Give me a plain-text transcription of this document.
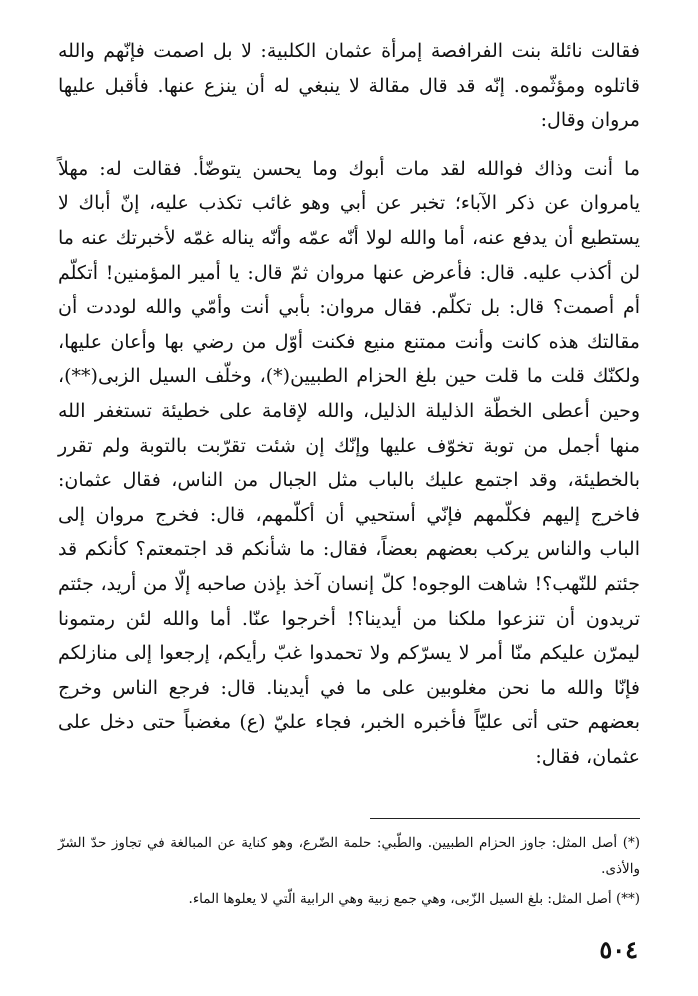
فقالت نائلة بنت الفرافصة إمرأة عثمان الكلبية: لا بل اصمت فإنّهم والله قاتلوه ومؤثّموه. إنّه قد قال مقالة لا ينبغي له أن ينزع عنها. فأقبل عليها مروان وقال:

ما أنت وذاك فوالله لقد مات أبوك وما يحسن يتوضّأ. فقالت له: مهلاً يامروان عن ذكر الآباء؛ تخبر عن أبي وهو غائب تكذب عليه، إنّ أباك لا يستطيع أن يدفع عنه، أما والله لولا أنّه عمّه وأنّه يناله غمّه لأخبرتك عنه ما لن أكذب عليه. قال: فأعرض عنها مروان ثمّ قال: يا أمير المؤمنين! أتكلّم أم أصمت؟ قال: بل تكلّم. فقال مروان: بأبي أنت وأمّي والله لوددت أن مقالتك هذه كانت وأنت ممتنع منيع فكنت أوّل من رضي بها وأعان عليها، ولكنّك قلت ما قلت حين بلغ الحزام الطبيين(*)، وخلّف السيل الزبى(**)، وحين أعطى الخطّة الذليلة الذليل، والله لإقامة على خطيئة تستغفر الله منها أجمل من توبة تخوّف عليها وإنّك إن شئت تقرّبت بالتوبة ولم تقرر بالخطيئة، وقد اجتمع عليك بالباب مثل الجبال من الناس، فقال عثمان: فاخرج إليهم فكلّمهم فإنّي أستحيي أن أكلّمهم، قال: فخرج مروان إلى الباب والناس يركب بعضهم بعضاً، فقال: ما شأنكم قد اجتمعتم؟ كأنكم قد جئتم للنّهب؟! شاهت الوجوه! كلّ إنسان آخذ بإذن صاحبه إلّا من أريد، جئتم تريدون أن تنزعوا ملكنا من أيدينا؟! أخرجوا عنّا. أما والله لئن رمتمونا ليمرّن عليكم منّا أمر لا يسرّكم ولا تحمدوا غبّ رأيكم، إرجعوا إلى منازلكم فإنّا والله ما نحن مغلوبين على ما في أيدينا. قال: فرجع الناس وخرج بعضهم حتى أتى عليّاً فأخبره الخبر، فجاء عليّ (ع) مغضباً حتى دخل على عثمان، فقال:

(*) أصل المثل: جاوز الحزام الطبيين. والطّبي: حلمة الضّرع، وهو كناية عن المبالغة في تجاوز حدّ الشرّ والأذى.

(**) أصل المثل: بلغ السيل الزّبى، وهي جمع زبية وهي الرابية الّتي لا يعلوها الماء.

٥٠٤
